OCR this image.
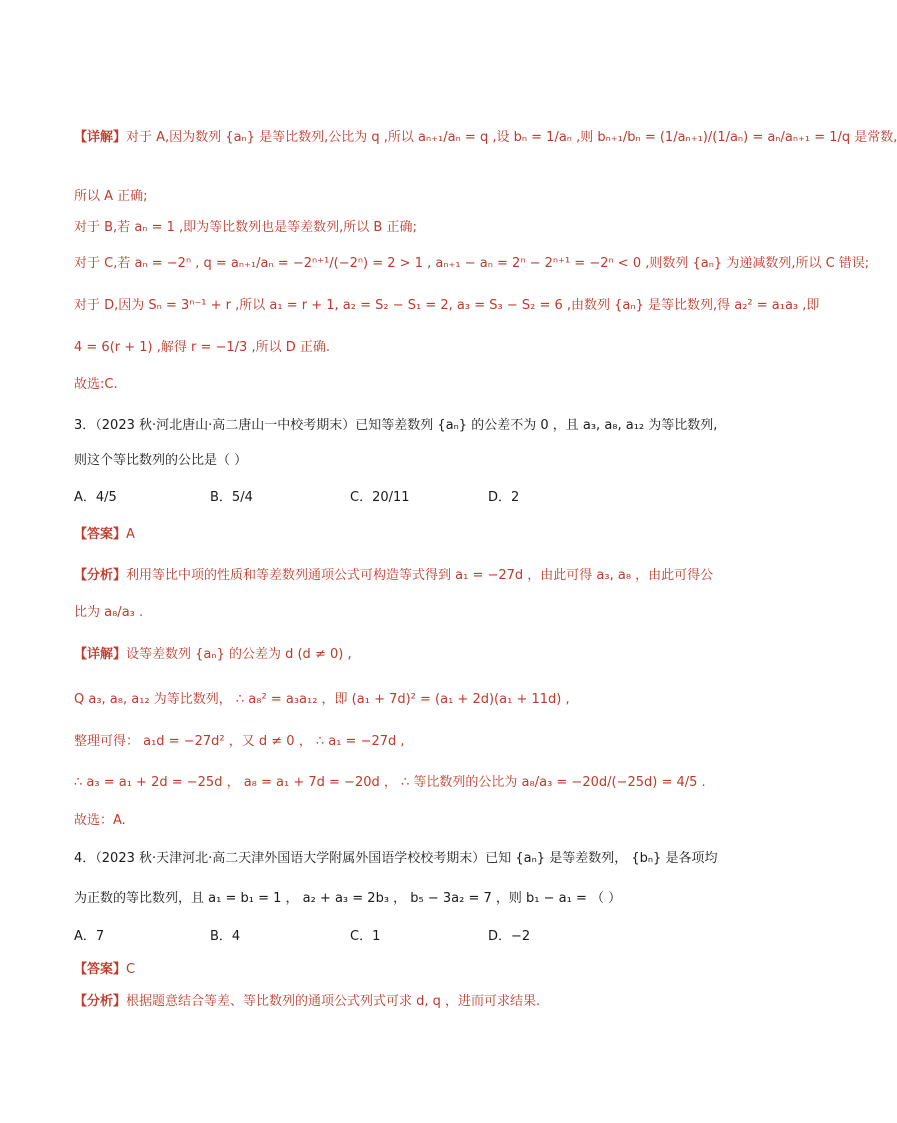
【详解】对于 A,因为数列 {aₙ} 是等比数列,公比为 q ,所以 aₙ₊₁/aₙ = q ,设 bₙ = 1/aₙ ,则 bₙ₊₁/bₙ = (1/aₙ₊₁)/(1/aₙ) = aₙ/aₙ₊₁ = 1/q 是常数,
所以 A 正确;
对于 B,若 aₙ = 1 ,即为等比数列也是等差数列,所以 B 正确;
对于 C,若 aₙ = −2ⁿ , q = aₙ₊₁/aₙ = −2ⁿ⁺¹/(−2ⁿ) = 2 > 1 , aₙ₊₁ − aₙ = 2ⁿ − 2ⁿ⁺¹ = −2ⁿ < 0 ,则数列 {aₙ} 为递减数列,所以 C 错误;
对于 D,因为 Sₙ = 3ⁿ⁻¹ + r ,所以 a₁ = r + 1, a₂ = S₂ − S₁ = 2, a₃ = S₃ − S₂ = 6 ,由数列 {aₙ} 是等比数列,得 a₂² = a₁a₃ ,即
4 = 6(r + 1) ,解得 r = −1/3 ,所以 D 正确.
故选:C.
3．（2023 秋·河北唐山·高二唐山一中校考期末）已知等差数列 {aₙ} 的公差不为 0 ，且 a₃, a₈, a₁₂ 为等比数列,
则这个等比数列的公比是（ ）
A．4/5	B．5/4	C．20/11	D．2
【答案】A
【分析】利用等比中项的性质和等差数列通项公式可构造等式得到 a₁ = −27d ，由此可得 a₃, a₈ ，由此可得公
比为 a₈/a₃ .
【详解】设等差数列 {aₙ} 的公差为 d (d ≠ 0) ,
Q a₃, a₈, a₁₂ 为等比数列， ∴ a₈² = a₃a₁₂ ，即 (a₁ + 7d)² = (a₁ + 2d)(a₁ + 11d) ,
整理可得： a₁d = −27d² ，又 d ≠ 0 ， ∴ a₁ = −27d ,
∴ a₃ = a₁ + 2d = −25d ， a₈ = a₁ + 7d = −20d ， ∴ 等比数列的公比为 a₈/a₃ = −20d/(−25d) = 4/5 .
故选：A.
4．（2023 秋·天津河北·高二天津外国语大学附属外国语学校校考期末）已知 {aₙ} 是等差数列， {bₙ} 是各项均
为正数的等比数列，且 a₁ = b₁ = 1 ， a₂ + a₃ = 2b₃ ， b₅ − 3a₂ = 7 ，则 b₁ − a₁ = （ ）
A．7	B．4	C．1	D．−2
【答案】C
【分析】根据题意结合等差、等比数列的通项公式列式可求 d, q ，进而可求结果.
